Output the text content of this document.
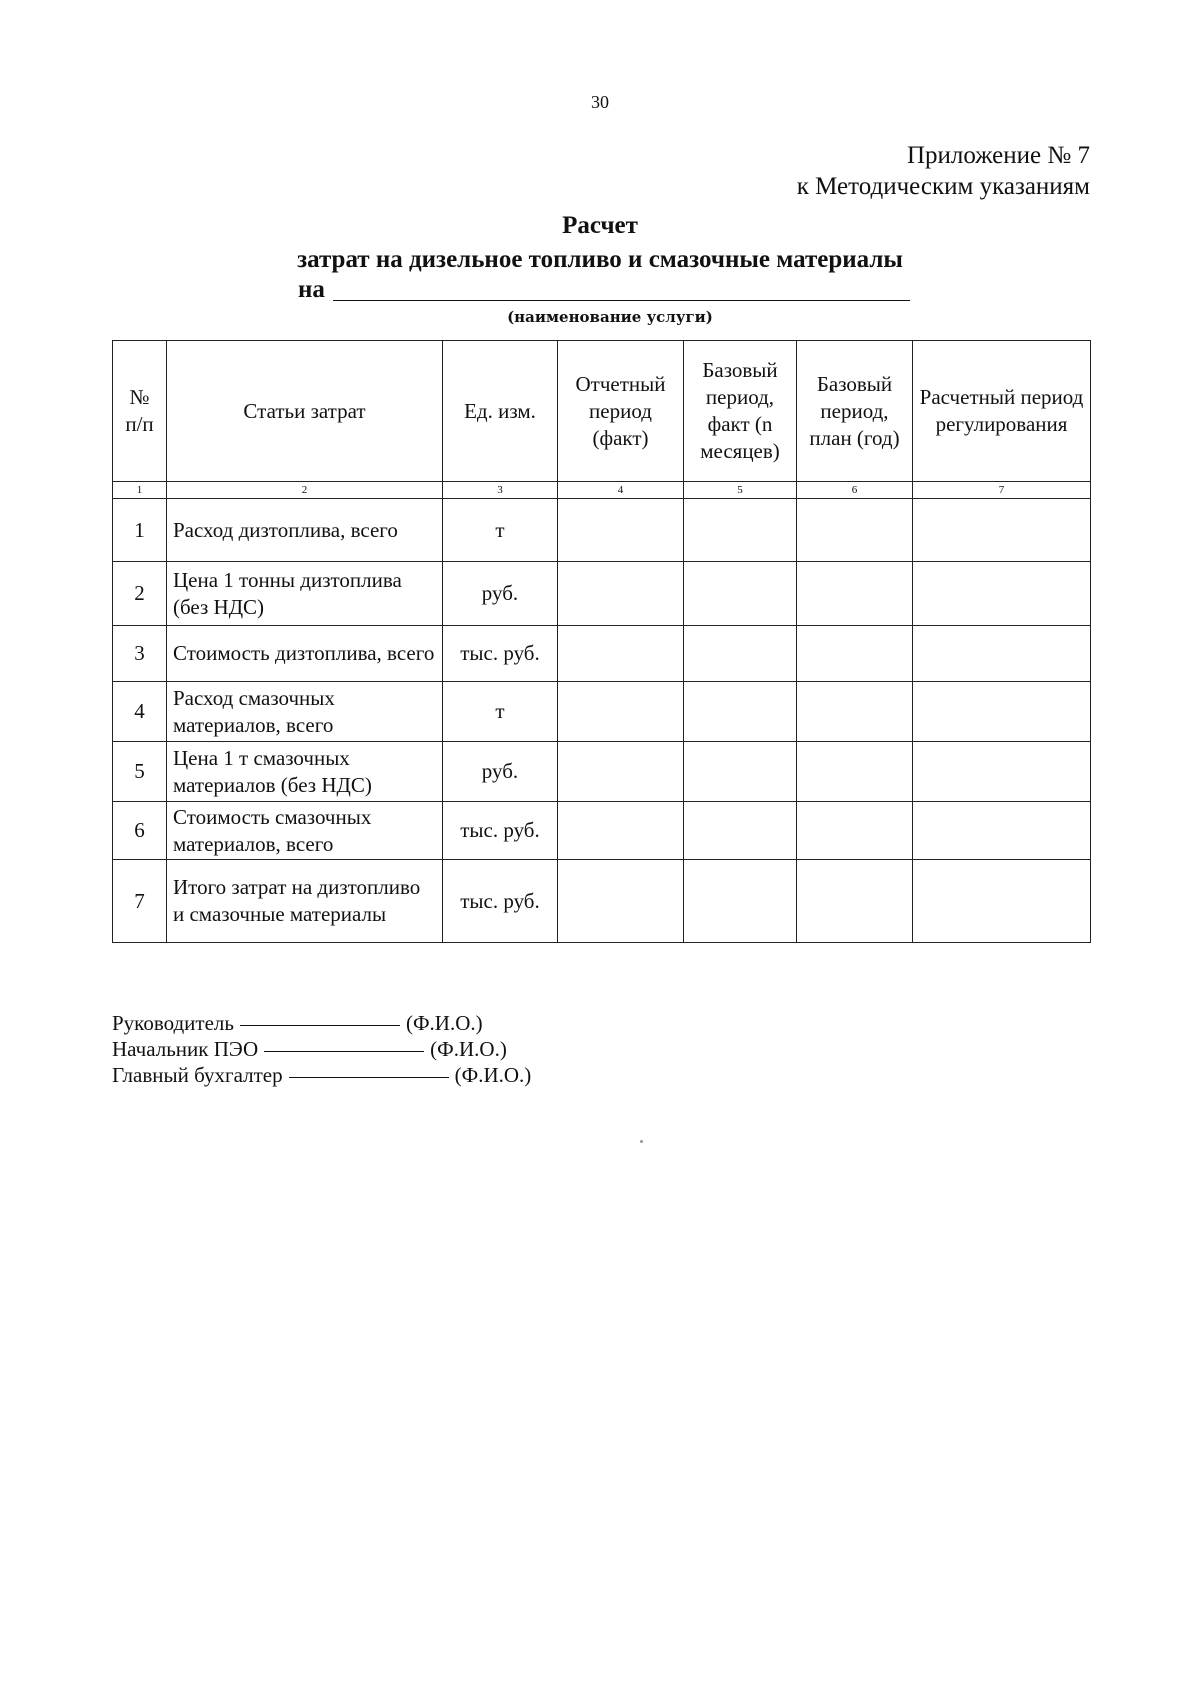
30
Приложение № 7
к Методическим указаниям
Расчет
затрат на дизельное топливо и смазочные материалы
на
(наименование услуги)
№ п/п	Статьи затрат	Ед. изм.	Отчетный период (факт)	Базовый период, факт (n месяцев)	Базовый период, план (год)	Расчетный период регулирования
1	2	3	4	5	6	7
1	Расход дизтоплива, всего	т				
2	Цена 1 тонны дизтоплива (без НДС)	руб.				
3	Стоимость дизтоплива, всего	тыс. руб.				
4	Расход смазочных материалов, всего	т				
5	Цена 1 т смазочных материалов (без НДС)	руб.				
6	Стоимость смазочных материалов, всего	тыс. руб.				
7	Итого затрат на дизтопливо и смазочные материалы	тыс. руб.				
Руководитель	(Ф.И.О.)
Начальник ПЭО	(Ф.И.О.)
Главный бухгалтер	(Ф.И.О.)
